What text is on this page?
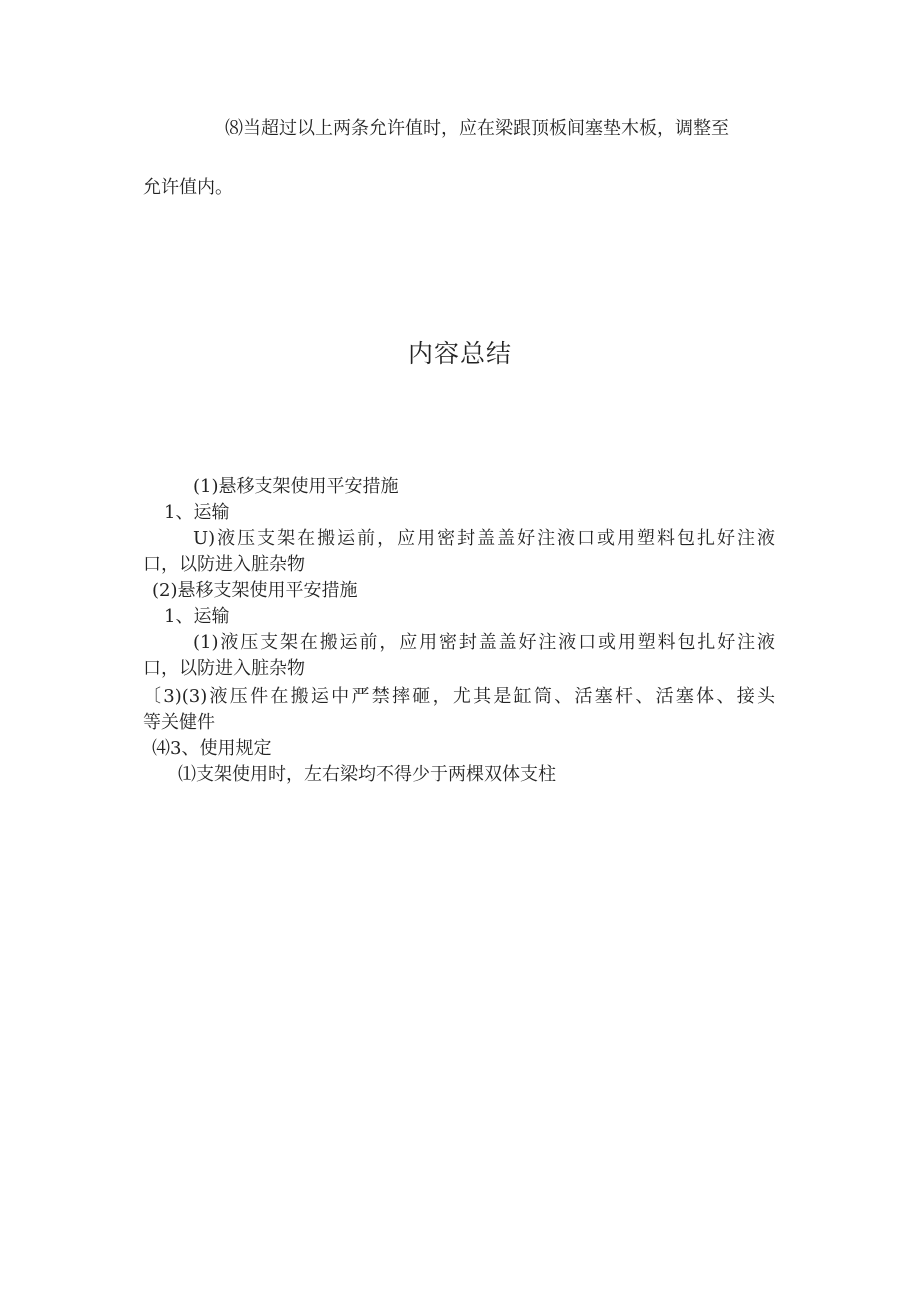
⑻当超过以上两条允许值时，应在梁跟顶板间塞垫木板，调整至
允许值内。
内容总结
(1)悬移支架使用平安措施
1、运输
U)液压支架在搬运前，应用密封盖盖好注液口或用塑料包扎好注液
口，以防进入脏杂物
(2)悬移支架使用平安措施
1、运输
(1)液压支架在搬运前，应用密封盖盖好注液口或用塑料包扎好注液
口，以防进入脏杂物
〔3)(3)液压件在搬运中严禁摔砸，尤其是缸筒、活塞杆、活塞体、接头
等关健件
⑷3、使用规定
⑴支架使用时，左右梁均不得少于两棵双体支柱
